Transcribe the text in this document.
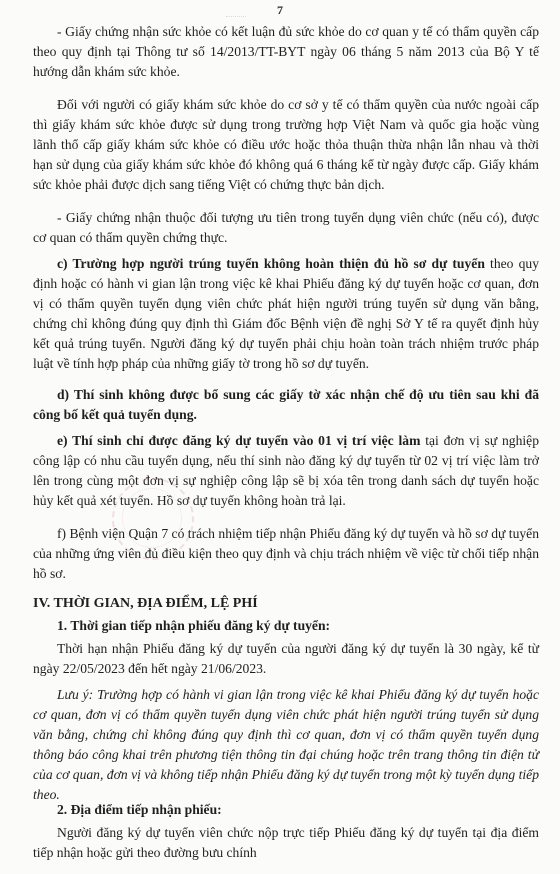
7

- Giấy chứng nhận sức khỏe có kết luận đủ sức khỏe do cơ quan y tế có thẩm quyền cấp theo quy định tại Thông tư số 14/2013/TT-BYT ngày 06 tháng 5 năm 2013 của Bộ Y tế hướng dẫn khám sức khỏe.

Đối với người có giấy khám sức khỏe do cơ sở y tế có thẩm quyền của nước ngoài cấp thì giấy khám sức khỏe được sử dụng trong trường hợp Việt Nam và quốc gia hoặc vùng lãnh thổ cấp giấy khám sức khỏe có điều ước hoặc thỏa thuận thừa nhận lẫn nhau và thời hạn sử dụng của giấy khám sức khỏe đó không quá 6 tháng kể từ ngày được cấp. Giấy khám sức khỏe phải được dịch sang tiếng Việt có chứng thực bản dịch.

- Giấy chứng nhận thuộc đối tượng ưu tiên trong tuyển dụng viên chức (nếu có), được cơ quan có thẩm quyền chứng thực.

c) Trường hợp người trúng tuyển không hoàn thiện đủ hồ sơ dự tuyển theo quy định hoặc có hành vi gian lận trong việc kê khai Phiếu đăng ký dự tuyển hoặc cơ quan, đơn vị có thẩm quyền tuyển dụng viên chức phát hiện người trúng tuyển sử dụng văn bằng, chứng chỉ không đúng quy định thì Giám đốc Bệnh viện đề nghị Sở Y tế ra quyết định hủy kết quả trúng tuyển. Người đăng ký dự tuyển phải chịu hoàn toàn trách nhiệm trước pháp luật về tính hợp pháp của những giấy tờ trong hồ sơ dự tuyển.

d) Thí sinh không được bổ sung các giấy tờ xác nhận chế độ ưu tiên sau khi đã công bố kết quả tuyển dụng.

e) Thí sinh chỉ được đăng ký dự tuyển vào 01 vị trí việc làm tại đơn vị sự nghiệp công lập có nhu cầu tuyển dụng, nếu thí sinh nào đăng ký dự tuyển từ 02 vị trí việc làm trở lên trong cùng một đơn vị sự nghiệp công lập sẽ bị xóa tên trong danh sách dự tuyển hoặc hủy kết quả xét tuyển. Hồ sơ dự tuyển không hoàn trả lại.

f) Bệnh viện Quận 7 có trách nhiệm tiếp nhận Phiếu đăng ký dự tuyển và hồ sơ dự tuyển của những ứng viên đủ điều kiện theo quy định và chịu trách nhiệm về việc từ chối tiếp nhận hồ sơ.

IV. THỜI GIAN, ĐỊA ĐIỂM, LỆ PHÍ

1. Thời gian tiếp nhận phiếu đăng ký dự tuyển:

Thời hạn nhận Phiếu đăng ký dự tuyển của người đăng ký dự tuyển là 30 ngày, kể từ ngày 22/05/2023 đến hết ngày 21/06/2023.

Lưu ý: Trường hợp có hành vi gian lận trong việc kê khai Phiếu đăng ký dự tuyển hoặc cơ quan, đơn vị có thẩm quyền tuyển dụng viên chức phát hiện người trúng tuyển sử dụng văn bằng, chứng chỉ không đúng quy định thì cơ quan, đơn vị có thẩm quyền tuyển dụng thông báo công khai trên phương tiện thông tin đại chúng hoặc trên trang thông tin điện tử của cơ quan, đơn vị và không tiếp nhận Phiếu đăng ký dự tuyển trong một kỳ tuyển dụng tiếp theo.

2. Địa điểm tiếp nhận phiếu:

Người đăng ký dự tuyển viên chức nộp trực tiếp Phiếu đăng ký dự tuyển tại địa điểm tiếp nhận hoặc gửi theo đường bưu chính
